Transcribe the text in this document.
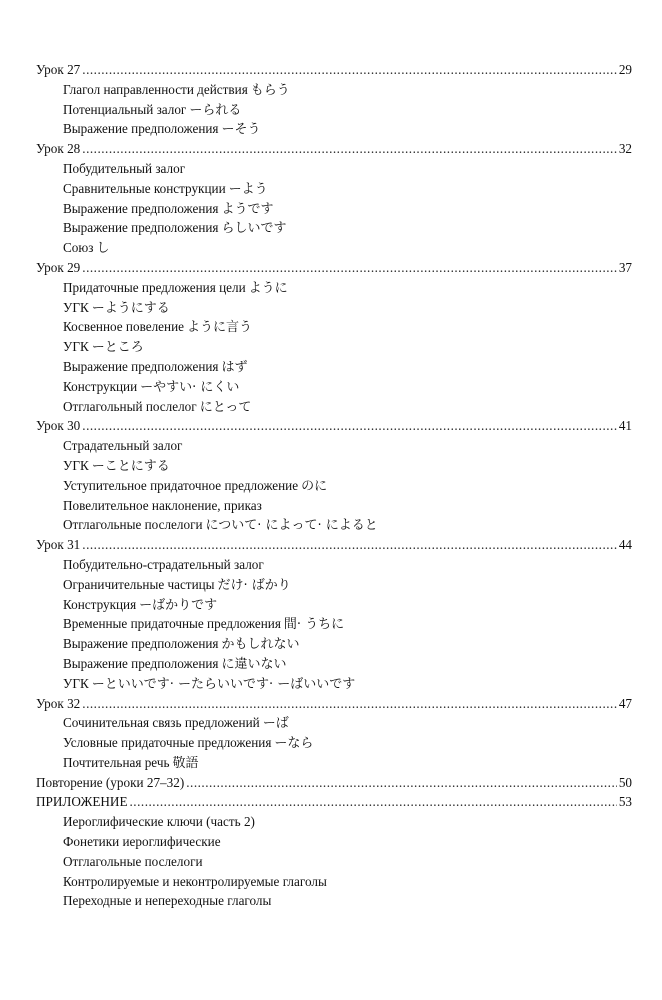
Урок 27 .....	29
Глагол направленности действия もらう
Потенциальный залог ーられる
Выражение предположения ーそう
Урок 28 .....	32
Побудительный залог
Сравнительные конструкции ーよう
Выражение предположения ようです
Выражение предположения らしいです
Союз し
Урок 29 .....	37
Придаточные предложения цели ように
УГК ーようにする
Косвенное повеление ように言う
УГК ーところ
Выражение предположения はず
Конструкции ーやすい· にくい
Отглагольный послелог にとって
Урок 30 .....	41
Страдательный залог
УГК ーことにする
Уступительное придаточное предложение のに
Повелительное наклонение, приказ
Отглагольные послелоги について· によって· によると
Урок 31 .....	44
Побудительно-страдательный залог
Ограничительные частицы だけ· ばかり
Конструкция ーばかりです
Временные придаточные предложения 間· うちに
Выражение предположения かもしれない
Выражение предположения に違いない
УГК ーといいです· ーたらいいです· ーばいいです
Урок 32 .....	47
Сочинительная связь предложений ーば
Условные придаточные предложения ーなら
Почтительная речь 敬語
Повторение (уроки 27–32) .....	50
ПРИЛОЖЕНИЕ .....	53
Иероглифические ключи (часть 2)
Фонетики иероглифические
Отглагольные послелоги
Контролируемые и неконтролируемые глаголы
Переходные и непереходные глаголы
